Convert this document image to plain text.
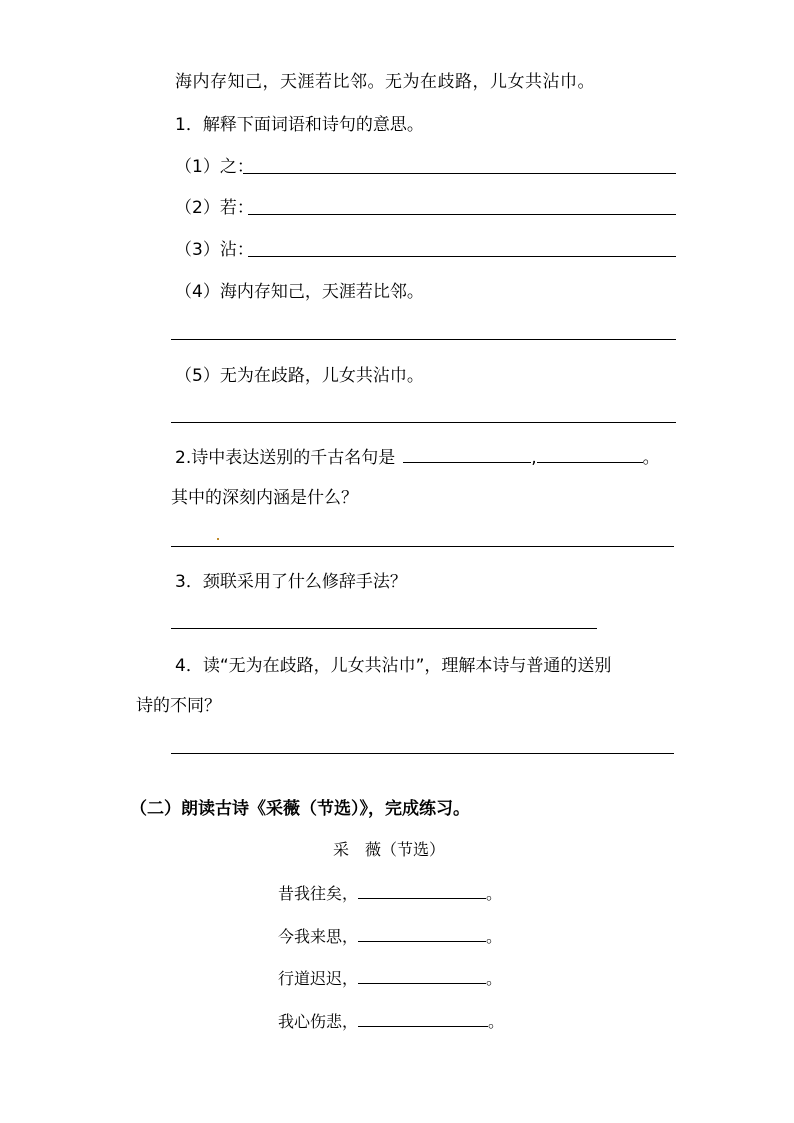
海内存知己，天涯若比邻。无为在歧路，儿女共沾巾。
1．解释下面词语和诗句的意思。
（1）之：
（2）若：
（3）沾：
（4）海内存知己，天涯若比邻。
（5）无为在歧路，儿女共沾巾。
2.诗中表达送别的千古名句是	,	。
其中的深刻内涵是什么？
3．颈联采用了什么修辞手法？
4．读“无为在歧路，儿女共沾巾”，理解本诗与普通的送别
诗的不同？
（二）朗读古诗《采薇（节选）》，完成练习。
采　薇（节选）
昔我往矣，	。
今我来思，	。
行道迟迟，	。
我心伤悲，	。
